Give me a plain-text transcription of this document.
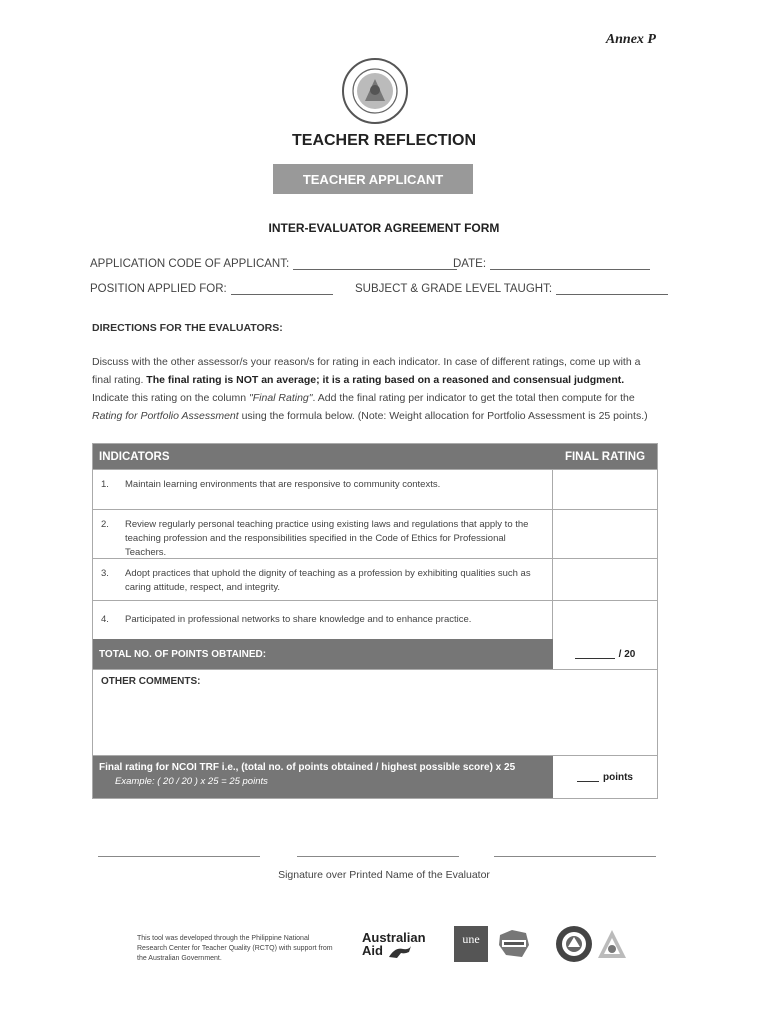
Annex P
TEACHER REFLECTION
TEACHER APPLICANT
INTER-EVALUATOR AGREEMENT FORM
APPLICATION CODE OF APPLICANT:	DATE:
POSITION APPLIED FOR:	SUBJECT & GRADE LEVEL TAUGHT:
DIRECTIONS FOR THE EVALUATORS:
Discuss with the other assessor/s your reason/s for rating in each indicator. In case of different ratings, come up with a final rating. The final rating is NOT an average; it is a rating based on a reasoned and consensual judgment. Indicate this rating on the column "Final Rating". Add the final rating per indicator to get the total then compute for the Rating for Portfolio Assessment using the formula below. (Note: Weight allocation for Portfolio Assessment is 25 points.)
INDICATORS	FINAL RATING
1.	Maintain learning environments that are responsive to community contexts.
2.	Review regularly personal teaching practice using existing laws and regulations that apply to the teaching profession and the responsibilities specified in the Code of Ethics for Professional Teachers.
3.	Adopt practices that uphold the dignity of teaching as a profession by exhibiting qualities such as caring attitude, respect, and integrity.
4.	Participated in professional networks to share knowledge and to enhance practice.
TOTAL NO. OF POINTS OBTAINED:	/ 20
OTHER COMMENTS:
Final rating for NCOI TRF i.e., (total no. of points obtained / highest possible score) x 25
Example: ( 20 / 20 ) x 25 = 25 points	points
Signature over Printed Name of the Evaluator
This tool was developed through the Philippine National Research Center for Teacher Quality (RCTQ) with support from the Australian Government.
Australian
Aid
une
